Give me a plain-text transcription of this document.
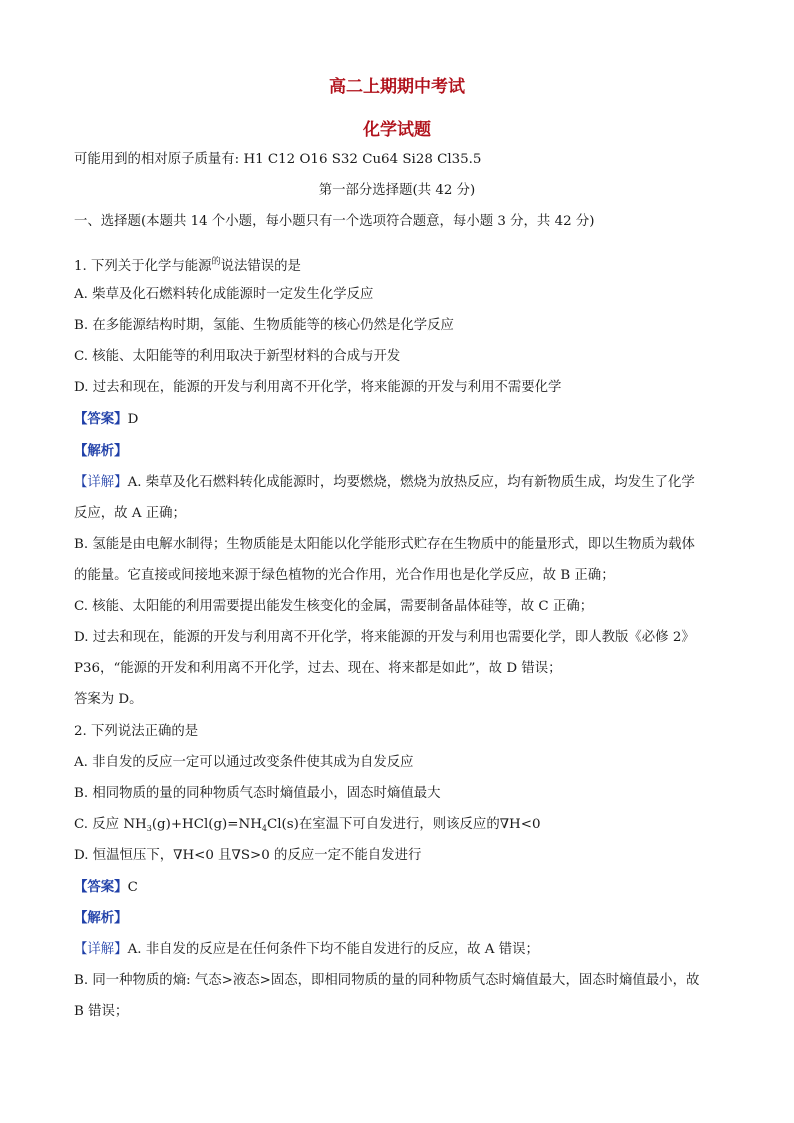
高二上期期中考试
化学试题
可能用到的相对原子质量有: H1 C12 O16 S32 Cu64 Si28 Cl35.5
第一部分选择题(共 42 分)
一、选择题(本题共 14 个小题，每小题只有一个选项符合题意，每小题 3 分，共 42 分)
1. 下列关于化学与能源$^的$说法错误的是
A. 柴草及化石燃料转化成能源时一定发生化学反应
B. 在多能源结构时期，氢能、生物质能等的核心仍然是化学反应
C. 核能、太阳能等的利用取决于新型材料的合成与开发
D. 过去和现在，能源的开发与利用离不开化学，将来能源的开发与利用不需要化学
【答案】D
【解析】
【详解】A. 柴草及化石燃料转化成能源时，均要燃烧，燃烧为放热反应，均有新物质生成，均发生了化学
反应，故 A 正确；
B. 氢能是由电解水制得；生物质能是太阳能以化学能形式贮存在生物质中的能量形式，即以生物质为载体
的能量。它直接或间接地来源于绿色植物的光合作用，光合作用也是化学反应，故 B 正确；
C. 核能、太阳能的利用需要提出能发生核变化的金属，需要制备晶体硅等，故 C 正确；
D. 过去和现在，能源的开发与利用离不开化学，将来能源的开发与利用也需要化学，即人教版《必修 2》
P36，“能源的开发和利用离不开化学，过去、现在、将来都是如此”，故 D 错误；
答案为 D。
2. 下列说法正确的是
A. 非自发的反应一定可以通过改变条件使其成为自发反应
B. 相同物质的量的同种物质气态时熵值最小，固态时熵值最大
C. 反应 $NH_3(g)+HCl(g)=NH_4Cl(s)$在室温下可自发进行，则该反应的∇H<0
D. 恒温恒压下，∇H<0 且∇S>0 的反应一定不能自发进行
【答案】C
【解析】
【详解】A. 非自发的反应是在任何条件下均不能自发进行的反应，故 A 错误；
B. 同一种物质的熵: 气态>液态>固态，即相同物质的量的同种物质气态时熵值最大，固态时熵值最小，故
B 错误；
